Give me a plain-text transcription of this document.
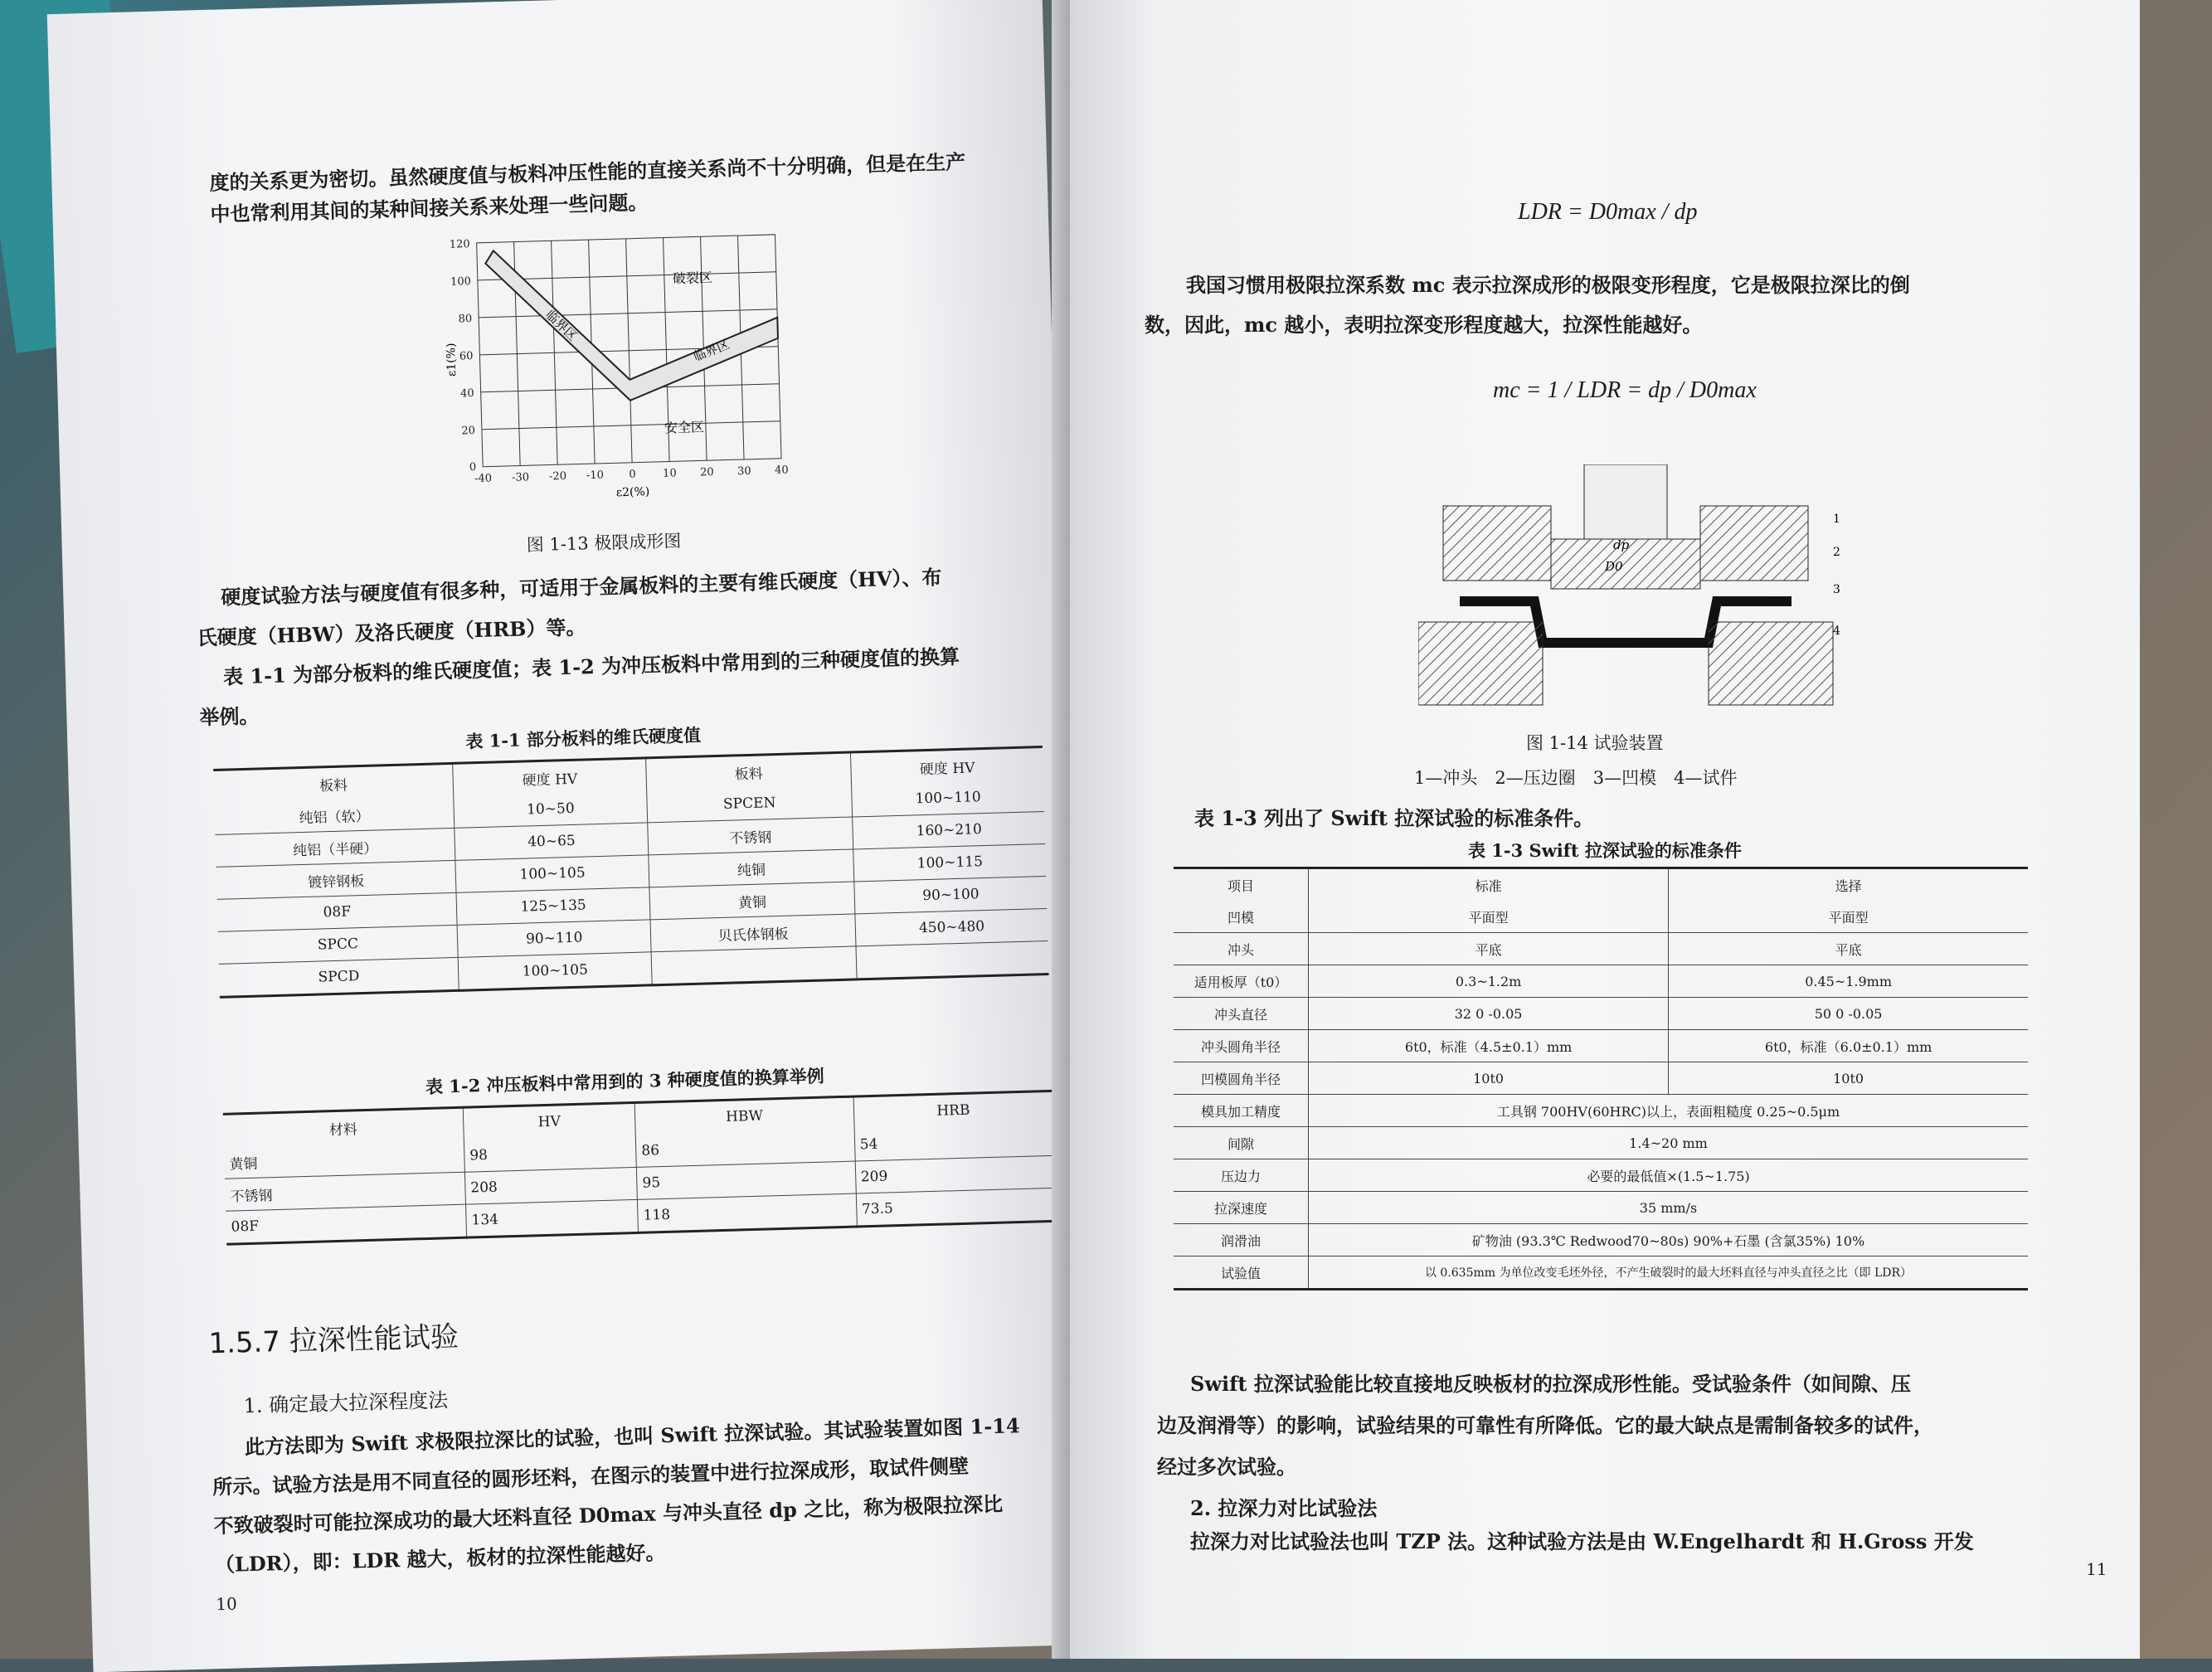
度的关系更为密切。虽然硬度值与板料冲压性能的直接关系尚不十分明确，但是在生产
中也常利用其间的某种间接关系来处理一些问题。
破裂区
临界区
临界区
安全区
120
100
80
60
40
20
0
-40 -30 -20 -10 0 10 20 30 40
ε2(%)
ε1(%)
图 1-13 极限成形图
硬度试验方法与硬度值有很多种，可适用于金属板料的主要有维氏硬度（HV）、布
氏硬度（HBW）及洛氏硬度（HRB）等。
表 1-1 为部分板料的维氏硬度值；表 1-2 为冲压板料中常用到的三种硬度值的换算
举例。
表 1-1 部分板料的维氏硬度值
板料	硬度 HV	板料	硬度 HV
纯铝（软）	10~50	SPCEN	100~110
纯铝（半硬）	40~65	不锈钢	160~210
镀锌钢板	100~105	纯铜	100~115
08F	125~135	黄铜	90~100
SPCC	90~110	贝氏体钢板	450~480
SPCD	100~105		
表 1-2 冲压板料中常用到的 3 种硬度值的换算举例
材料	HV	HBW	HRB
黄铜	98	86	54
不锈钢	208	95	209
08F	134	118	73.5
1.5.7 拉深性能试验
1. 确定最大拉深程度法
此方法即为 Swift 求极限拉深比的试验，也叫 Swift 拉深试验。其试验装置如图 1-14
所示。试验方法是用不同直径的圆形坯料，在图示的装置中进行拉深成形，取试件侧壁
不致破裂时可能拉深成功的最大坯料直径 D0max 与冲头直径 dp 之比，称为极限拉深比
（LDR），即：LDR 越大，板材的拉深性能越好。
10
LDR = D0max / dp
我国习惯用极限拉深系数 mc 表示拉深成形的极限变形程度，它是极限拉深比的倒
数，因此，mc 越小，表明拉深变形程度越大，拉深性能越好。
mc = 1 / LDR = dp / D0max
dp
D0
1
2
3
4
图 1-14 试验装置
1—冲头　2—压边圈　3—凹模　4—试件
表 1-3 列出了 Swift 拉深试验的标准条件。
表 1-3 Swift 拉深试验的标准条件
项目	标准	选择
凹模	平面型	平面型
冲头	平底	平底
适用板厚（t0）	0.3~1.2m	0.45~1.9mm
冲头直径	32 0 -0.05	50 0 -0.05
冲头圆角半径	6t0，标准（4.5±0.1）mm	6t0，标准（6.0±0.1）mm
凹模圆角半径	10t0	10t0
模具加工精度	工具钢 700HV(60HRC)以上，表面粗糙度 0.25~0.5μm	
间隙	1.4~20 mm	
压边力	必要的最低值×(1.5~1.75)	
拉深速度	35 mm/s	
润滑油	矿物油 (93.3℃ Redwood70~80s) 90%+石墨 (含氯35%) 10%	
试验值	以 0.635mm 为单位改变毛坯外径，不产生破裂时的最大坯料直径与冲头直径之比（即 LDR）	
Swift 拉深试验能比较直接地反映板材的拉深成形性能。受试验条件（如间隙、压
边及润滑等）的影响，试验结果的可靠性有所降低。它的最大缺点是需制备较多的试件，
经过多次试验。
2. 拉深力对比试验法
拉深力对比试验法也叫 TZP 法。这种试验方法是由 W.Engelhardt 和 H.Gross 开发
11
